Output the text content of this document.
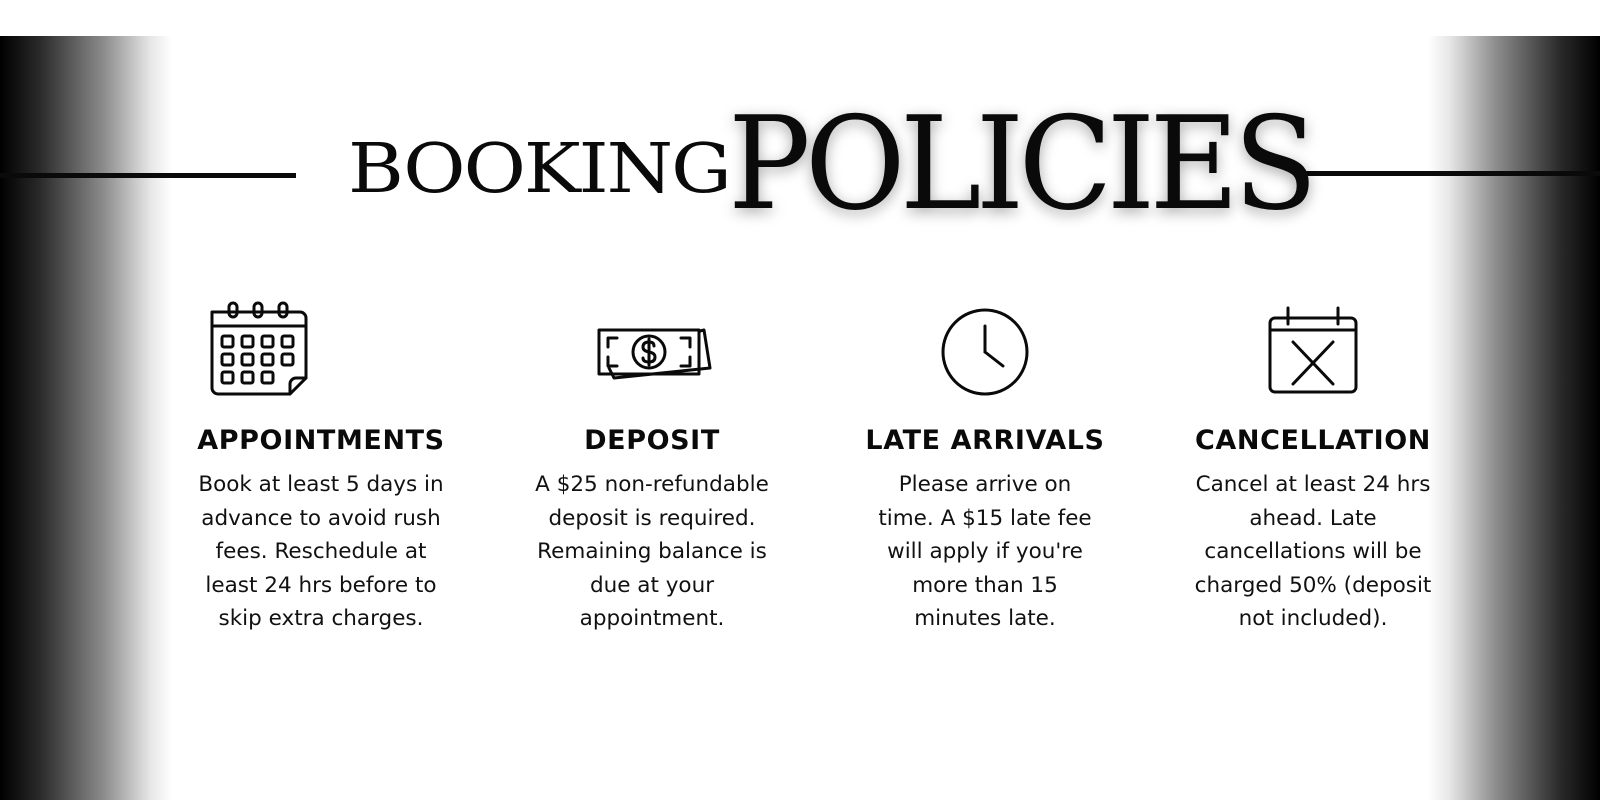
BOOKING
POLICIES
APPOINTMENTS
Book at least 5 days in advance to avoid rush fees. Reschedule at least 24 hrs before to skip extra charges.
DEPOSIT
A $25 non-refundable deposit is required. Remaining balance is due at your appointment.
LATE ARRIVALS
Please arrive on time. A $15 late fee will apply if you're more than 15 minutes late.
CANCELLATION
Cancel at least 24 hrs ahead. Late cancellations will be charged 50% (deposit not included).
